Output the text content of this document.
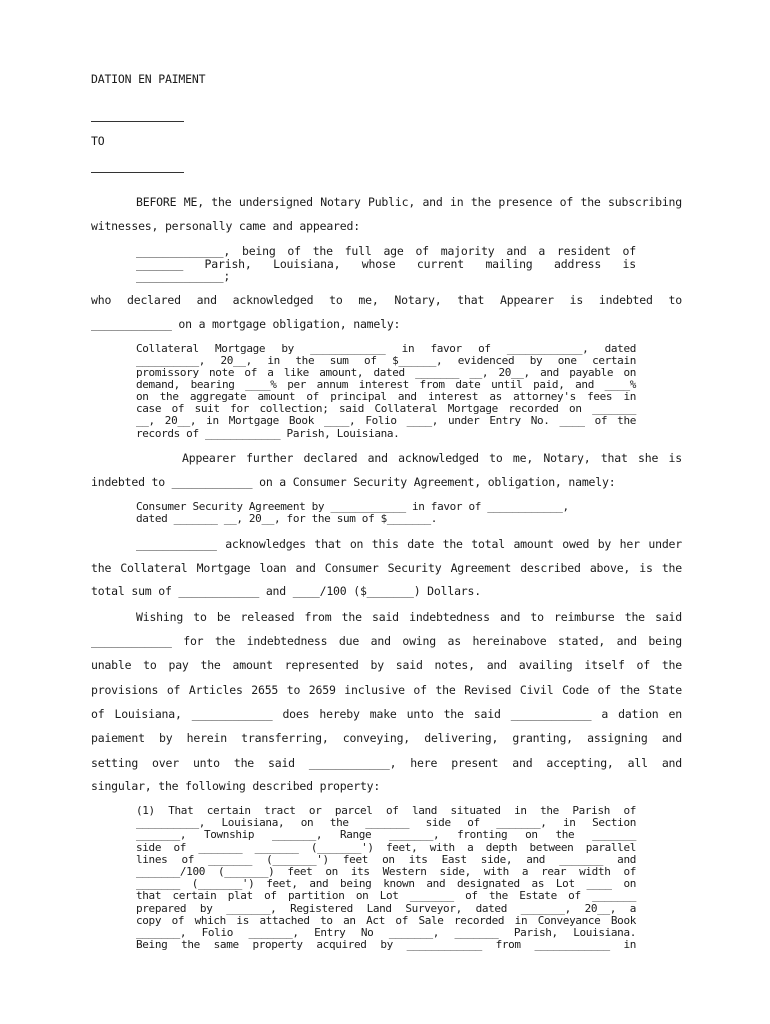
DATION EN PAIMENT
TO
BEFORE ME, the undersigned Notary Public, and in the presence of the subscribing
witnesses, personally came and appeared:
_____________, being of the full age of majority and a resident of
_______ Parish, Louisiana, whose current mailing address is
_____________;
who declared and acknowledged to me, Notary, that Appearer is indebted to
____________ on a mortgage obligation, namely:
Collateral Mortgage by ____________ in favor of ____________, dated
__________, 20__, in the sum of $______, evidenced by one certain
promissory note of a like amount, dated _______ __, 20__, and payable on
demand, bearing ____% per annum interest from date until paid, and ____%
on the aggregate amount of principal and interest as attorney's fees in
case of suit for collection; said Collateral Mortgage recorded on _______
__, 20__, in Mortgage Book ____, Folio ____, under Entry No. ____ of the
records of ____________ Parish, Louisiana.
Appearer further declared and acknowledged to me, Notary, that she is
indebted to ____________ on a Consumer Security Agreement, obligation, namely:
Consumer Security Agreement by ____________ in favor of ____________,
dated _______ __, 20__, for the sum of $_______.
____________ acknowledges that on this date the total amount owed by her under
the Collateral Mortgage loan and Consumer Security Agreement described above, is the
total sum of ____________ and ____/100 ($_______) Dollars.
Wishing to be released from the said indebtedness and to reimburse the said
____________ for the indebtedness due and owing as hereinabove stated, and being
unable to pay the amount represented by said notes, and availing itself of the
provisions of Articles 2655 to 2659 inclusive of the Revised Civil Code of the State
of Louisiana, ____________ does hereby make unto the said ____________ a dation en
paiement by herein transferring, conveying, delivering, granting, assigning and
setting over unto the said ____________, here present and accepting, all and
singular, the following described property:
(1) That certain tract or parcel of land situated in the Parish of
__________, Louisiana, on the _______ side of _______, in Section
_______, Township _______, Range _______, fronting on the _______
side of _______ _______ (_______') feet, with a depth between parallel
lines of _______ (_______') feet on its East side, and _______ and
_______/100 (_______) feet on its Western side, with a rear width of
_______ (_______') feet, and being known and designated as Lot ____ on
that certain plat of partition on Lot _______ of the Estate of _______
prepared by _______, Registered Land Surveyor, dated _______, 20__, a
copy of which is attached to an Act of Sale recorded in Conveyance Book
_______, Folio _______, Entry No _______, _______ Parish, Louisiana.
Being the same property acquired by ____________ from ____________ in
